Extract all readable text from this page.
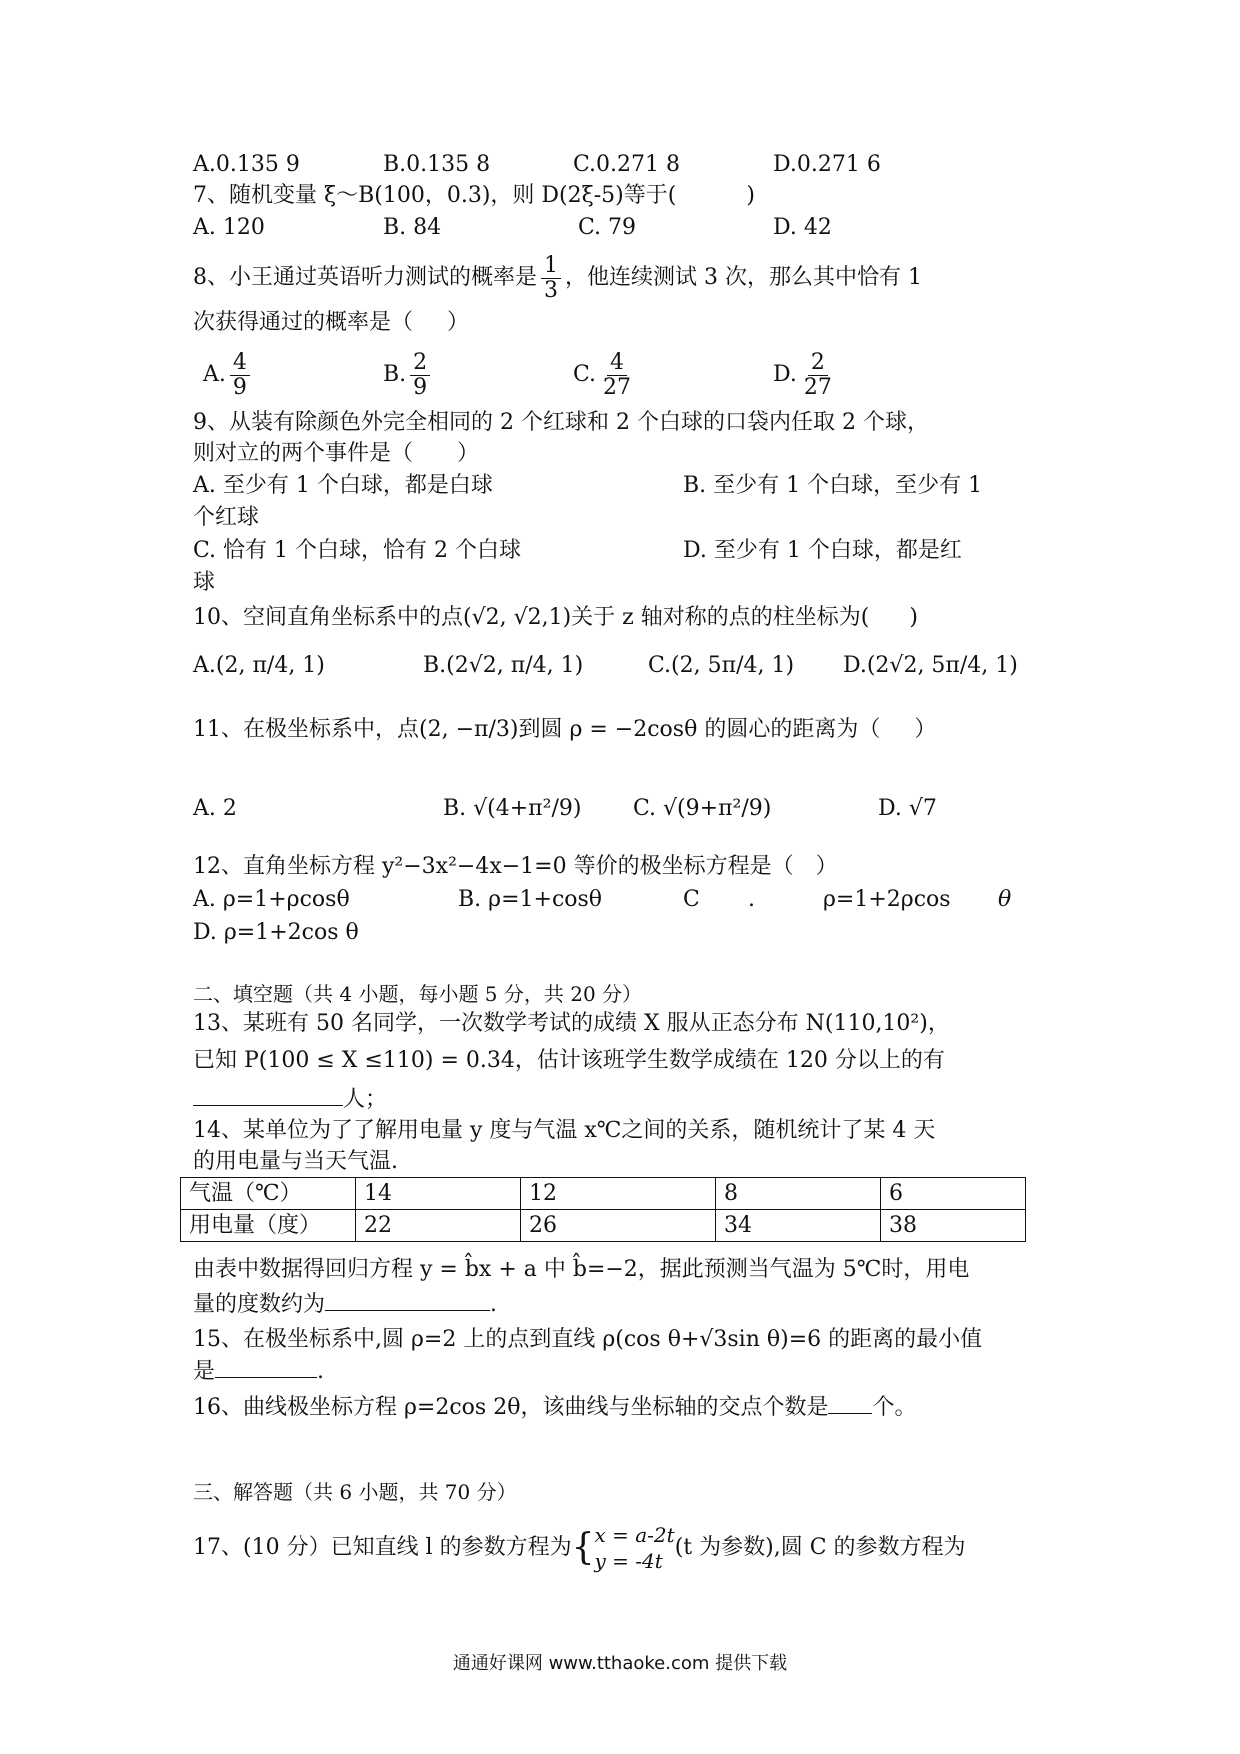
A.0.135 9	B.0.135 8	C.0.271 8	D.0.271 6
7、随机变量 ξ～B(100，0.3)，则 D(2ξ-5)等于(	)
A. 120	B. 84	C. 79	D. 42
8、小王通过英语听力测试的概率是 $\frac{1}{3}$ ，他连续测试 3 次，那么其中恰有 1
次获得通过的概率是（ ）
A. $\frac{4}{9}$	B. $\frac{2}{9}$	C. $\frac{4}{27}$	D. $\frac{2}{27}$
9、从装有除颜色外完全相同的 2 个红球和 2 个白球的口袋内任取 2 个球，
则对立的两个事件是（　　）
A. 至少有 1 个白球，都是白球	B. 至少有 1 个白球，至少有 1
个红球
C. 恰有 1 个白球，恰有 2 个白球	D. 至少有 1 个白球，都是红
球
10、空间直角坐标系中的点(√2, √2,1)关于 z 轴对称的点的柱坐标为( )
A.(2, π/4, 1)	B.(2√2, π/4, 1)	C.(2, 5π/4, 1) D.(2√2, 5π/4, 1)
11、在极坐标系中，点(2, −π/3)到圆 ρ = −2cosθ 的圆心的距离为（ ）
A. 2	B. √(4+π²/9) C. √(9+π²/9)	D. √7
12、直角坐标方程 y²−3x²−4x−1=0 等价的极坐标方程是（　）
A. ρ=1+ρcosθ	B. ρ=1+cosθ	C .	ρ=1+2ρcos θ
D. ρ=1+2cos θ
二、填空题（共 4 小题，每小题 5 分，共 20 分）
13、某班有 50 名同学，一次数学考试的成绩 X 服从正态分布 N(110,10²)，
已知 P(100 ≤ X ≤110) = 0.34，估计该班学生数学成绩在 120 分以上的有
人；
14、某单位为了了解用电量 y 度与气温 x℃之间的关系，随机统计了某 4 天
的用电量与当天气温.
气温（℃）	14	12	8	6
用电量（度）	22	26	34	38
由表中数据得回归方程 y = b̂x + a 中 b̂=−2，据此预测当气温为 5℃时，用电
量的度数约为	.
15、在极坐标系中,圆 ρ=2 上的点到直线 ρ(cos θ+√3sin θ)=6 的距离的最小值
是	.
16、曲线极坐标方程 ρ=2cos 2θ，该曲线与坐标轴的交点个数是 个。
三、解答题（共 6 小题，共 70 分）
17、(10 分）已知直线 l 的参数方程为{ x = a-2t
y = -4t
(t 为参数),圆 C 的参数方程为
通通好课网 www.tthaoke.com 提供下载
